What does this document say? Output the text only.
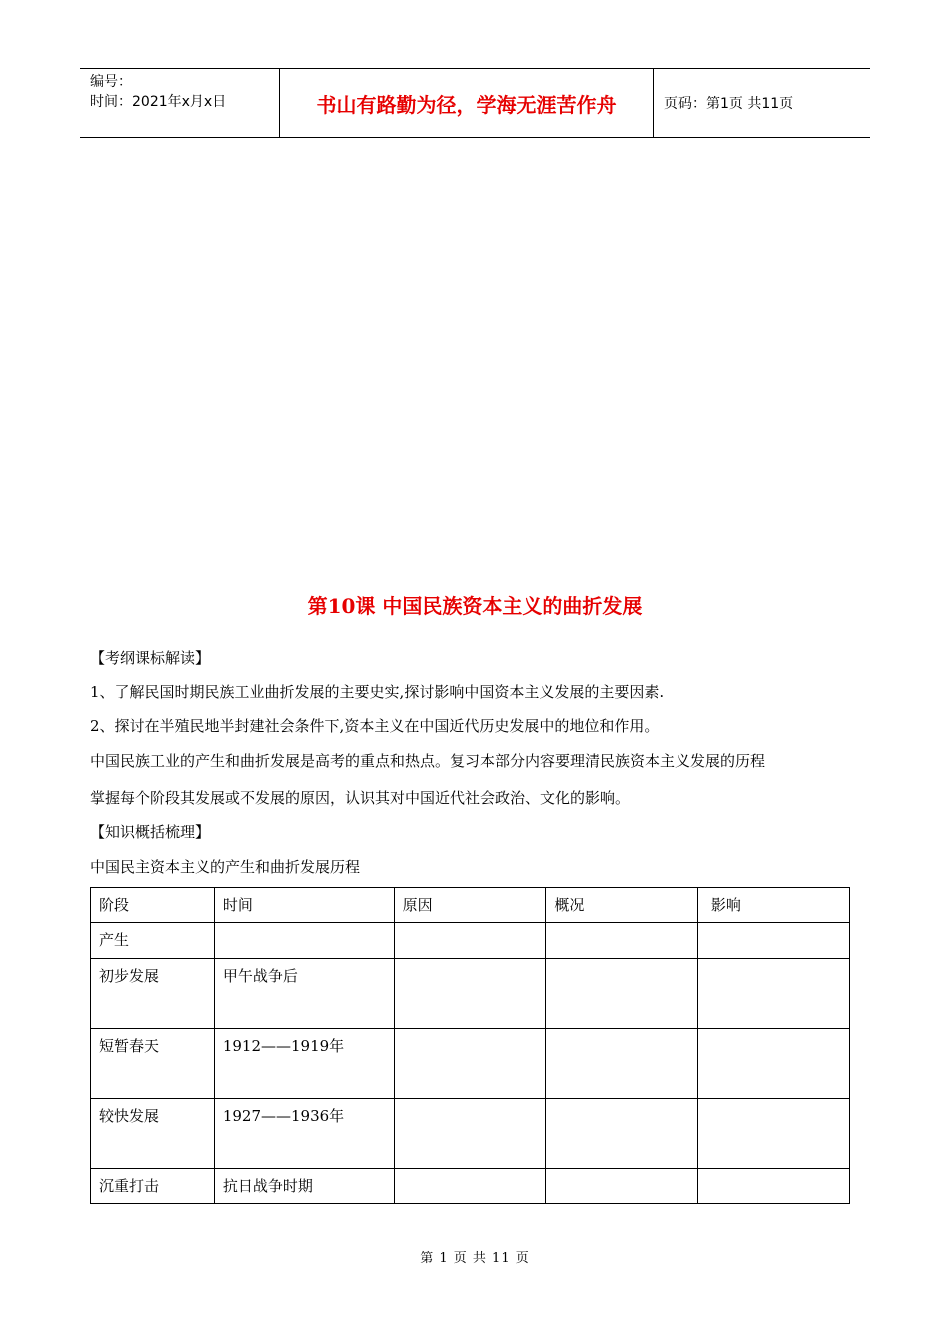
编号：
时间：2021年x月x日	书山有路勤为径，学海无涯苦作舟	页码：第1页 共11页
第10课 中国民族资本主义的曲折发展
【考纲课标解读】
1、了解民国时期民族工业曲折发展的主要史实,探讨影响中国资本主义发展的主要因素.
2、探讨在半殖民地半封建社会条件下,资本主义在中国近代历史发展中的地位和作用。
中国民族工业的产生和曲折发展是高考的重点和热点。复习本部分内容要理清民族资本主义发展的历程
掌握每个阶段其发展或不发展的原因，认识其对中国近代社会政治、文化的影响。
【知识概括梳理】
中国民主资本主义的产生和曲折发展历程
阶段	时间	原因	概况	影响
产生				
初步发展	甲午战争后			
短暂春天	1912——1919年			
较快发展	1927——1936年			
沉重打击	抗日战争时期			
第 1 页 共 11 页
